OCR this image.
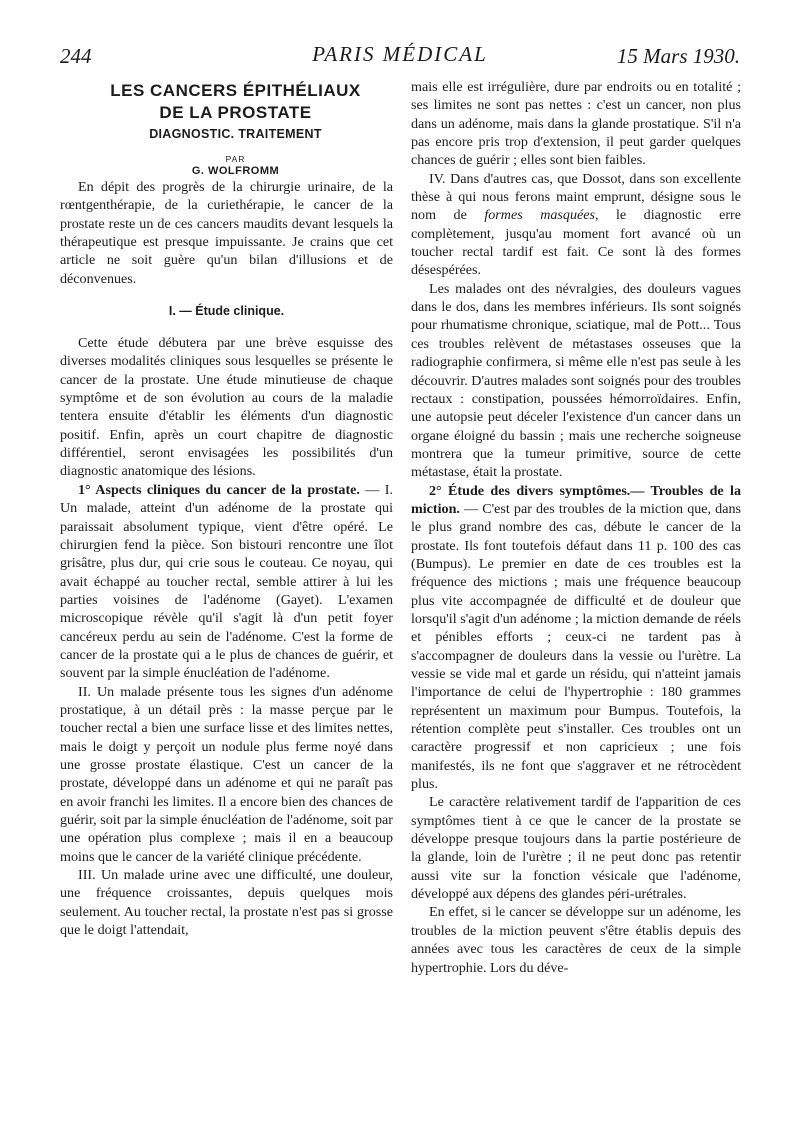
244	PARIS MÉDICAL	15 Mars 1930.

LES CANCERS ÉPITHÉLIAUX

DE LA PROSTATE

DIAGNOSTIC. TRAITEMENT

PAR

G. WOLFROMM

En dépit des progrès de la chirurgie urinaire, de la rœntgenthérapie, de la curiethérapie, le cancer de la prostate reste un de ces cancers maudits devant lesquels la thérapeutique est presque impuissante. Je crains que cet article ne soit guère qu'un bilan d'illusions et de déconvenues.

I. — Étude clinique.

Cette étude débutera par une brève esquisse des diverses modalités cliniques sous lesquelles se présente le cancer de la prostate. Une étude minutieuse de chaque symptôme et de son évolution au cours de la maladie tentera ensuite d'établir les éléments d'un diagnostic positif. Enfin, après un court chapitre de diagnostic différentiel, seront envisagées les possibilités d'un diagnostic anatomique des lésions.

1° Aspects cliniques du cancer de la prostate. — I. Un malade, atteint d'un adénome de la prostate qui paraissait absolument typique, vient d'être opéré. Le chirurgien fend la pièce. Son bistouri rencontre une îlot grisâtre, plus dur, qui crie sous le couteau. Ce noyau, qui avait échappé au toucher rectal, semble attirer à lui les parties voisines de l'adénome (Gayet). L'examen microscopique révèle qu'il s'agit là d'un petit foyer cancéreux perdu au sein de l'adénome. C'est la forme de cancer de la prostate qui a le plus de chances de guérir, et souvent par la simple énucléation de l'adénome.

II. Un malade présente tous les signes d'un adénome prostatique, à un détail près : la masse perçue par le toucher rectal a bien une surface lisse et des limites nettes, mais le doigt y perçoit un nodule plus ferme noyé dans une grosse prostate élastique. C'est un cancer de la prostate, développé dans un adénome et qui ne paraît pas en avoir franchi les limites. Il a encore bien des chances de guérir, soit par la simple énucléation de l'adénome, soit par une opération plus complexe ; mais il en a beaucoup moins que le cancer de la variété clinique précédente.

III. Un malade urine avec une difficulté, une douleur, une fréquence croissantes, depuis quelques mois seulement. Au toucher rectal, la prostate n'est pas si grosse que le doigt l'attendait,

mais elle est irrégulière, dure par endroits ou en totalité ; ses limites ne sont pas nettes : c'est un cancer, non plus dans un adénome, mais dans la glande prostatique. S'il n'a pas encore pris trop d'extension, il peut garder quelques chances de guérir ; elles sont bien faibles.

IV. Dans d'autres cas, que Dossot, dans son excellente thèse à qui nous ferons maint emprunt, désigne sous le nom de formes masquées, le diagnostic erre complètement, jusqu'au moment fort avancé où un toucher rectal tardif est fait. Ce sont là des formes désespérées.

Les malades ont des névralgies, des douleurs vagues dans le dos, dans les membres inférieurs. Ils sont soignés pour rhumatisme chronique, sciatique, mal de Pott... Tous ces troubles relèvent de métastases osseuses que la radiographie confirmera, si même elle n'est pas seule à les découvrir. D'autres malades sont soignés pour des troubles rectaux : constipation, poussées hémorroïdaires. Enfin, une autopsie peut déceler l'existence d'un cancer dans un organe éloigné du bassin ; mais une recherche soigneuse montrera que la tumeur primitive, source de cette métastase, était la prostate.

2° Étude des divers symptômes.— Troubles de la miction. — C'est par des troubles de la miction que, dans le plus grand nombre des cas, débute le cancer de la prostate. Ils font toutefois défaut dans 11 p. 100 des cas (Bumpus). Le premier en date de ces troubles est la fréquence des mictions ; mais une fréquence beaucoup plus vite accompagnée de difficulté et de douleur que lorsqu'il s'agit d'un adénome ; la miction demande de réels et pénibles efforts ; ceux-ci ne tardent pas à s'accompagner de douleurs dans la vessie ou l'urètre. La vessie se vide mal et garde un résidu, qui n'atteint jamais l'importance de celui de l'hypertrophie : 180 grammes représentent un maximum pour Bumpus. Toutefois, la rétention complète peut s'installer. Ces troubles ont un caractère progressif et non capricieux ; une fois manifestés, ils ne font que s'aggraver et ne rétrocèdent plus.

Le caractère relativement tardif de l'apparition de ces symptômes tient à ce que le cancer de la prostate se développe presque toujours dans la partie postérieure de la glande, loin de l'urètre ; il ne peut donc pas retentir aussi vite sur la fonction vésicale que l'adénome, développé aux dépens des glandes péri-urétrales.

En effet, si le cancer se développe sur un adénome, les troubles de la miction peuvent s'être établis depuis des années avec tous les caractères de ceux de la simple hypertrophie. Lors du déve-
